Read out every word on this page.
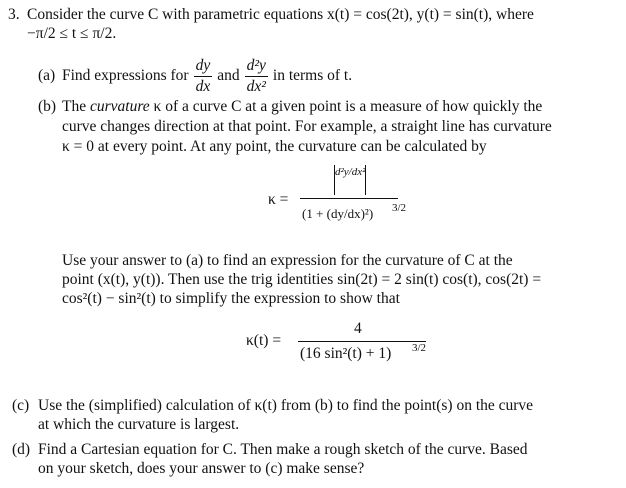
3. Consider the curve C with parametric equations x(t) = cos(2t), y(t) = sin(t), where
−π/2 ≤ t ≤ π/2.
(a) Find expressions for $\frac{dy}{dx}$ and $\frac{\text{d²y}}{\text{dx²}}$ in terms of t.
(b) The curvature κ of a curve C at a given point is a measure of how quickly the
curve changes direction at that point. For example, a straight line has curvature
κ = 0 at every point. At any point, the curvature can be calculated by
κ =
d²y/dx²
(1 + (dy/dx)²) 3/2
Use your answer to (a) to find an expression for the curvature of C at the
point (x(t), y(t)). Then use the trig identities sin(2t) = 2 sin(t) cos(t), cos(2t) =
cos²(t) − sin²(t) to simplify the expression to show that
κ(t) =
4
(16 sin²(t) + 1) 3/2
(c) Use the (simplified) calculation of κ(t) from (b) to find the point(s) on the curve
at which the curvature is largest.
(d) Find a Cartesian equation for C. Then make a rough sketch of the curve. Based
on your sketch, does your answer to (c) make sense?
